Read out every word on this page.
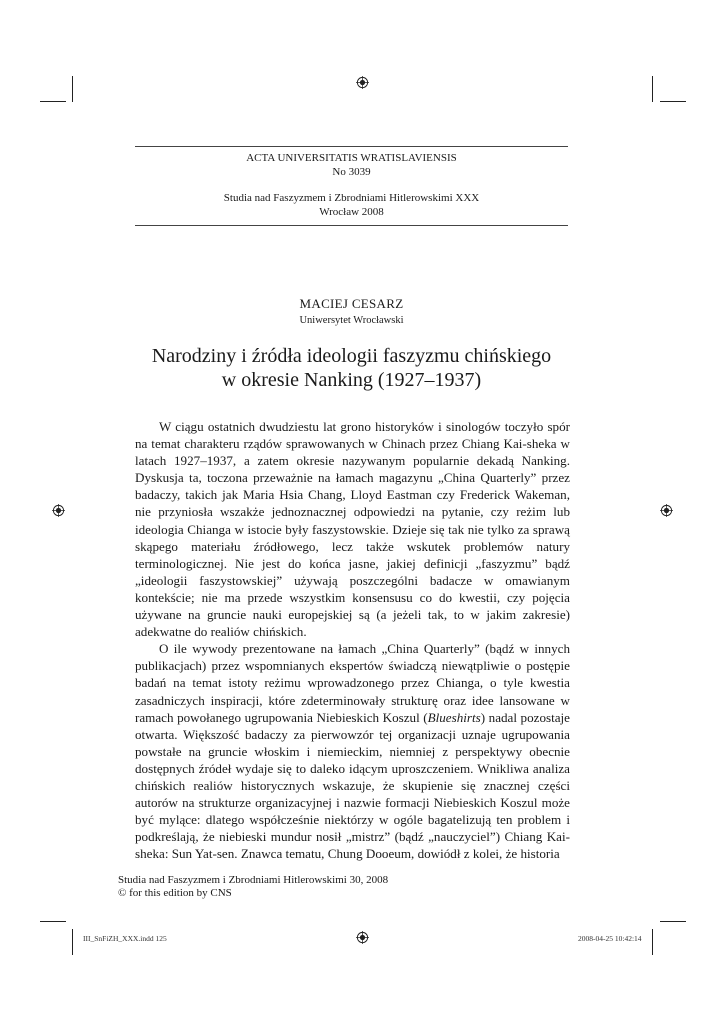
ACTA UNIVERSITATIS WRATISLAVIENSIS
No 3039
Studia nad Faszyzmem i Zbrodniami Hitlerowskimi XXX
Wrocław 2008
MACIEJ CESARZ
Uniwersytet Wrocławski
Narodziny i źródła ideologii faszyzmu chińskiego
w okresie Nanking (1927–1937)

W ciągu ostatnich dwudziestu lat grono historyków i sinologów toczyło spór na temat charakteru rządów sprawowanych w Chinach przez Chiang Kai-sheka w latach 1927–1937, a zatem okresie nazywanym popularnie dekadą Nanking. Dyskusja ta, toczona przeważnie na łamach magazynu „China Quarterly” przez badaczy, takich jak Maria Hsia Chang, Lloyd Eastman czy Frederick Wakeman, nie przyniosła wszakże jednoznacznej odpowiedzi na pytanie, czy reżim lub ideologia Chianga w istocie były faszystowskie. Dzieje się tak nie tylko za sprawą skąpego materiału źródłowego, lecz także wskutek problemów natury terminologicznej. Nie jest do końca jasne, jakiej definicji „faszyzmu” bądź „ideologii faszystowskiej” używają poszczególni badacze w omawianym kontekście; nie ma przede wszystkim konsensusu co do kwestii, czy pojęcia używane na gruncie nauki europejskiej są (a jeżeli tak, to w jakim zakresie) adekwatne do realiów chińskich.

O ile wywody prezentowane na łamach „China Quarterly” (bądź w innych publikacjach) przez wspomnianych ekspertów świadczą niewątpliwie o postępie badań na temat istoty reżimu wprowadzonego przez Chianga, o tyle kwestia zasadniczych inspiracji, które zdeterminowały strukturę oraz idee lansowane w ramach powołanego ugrupowania Niebieskich Koszul (Blueshirts) nadal pozostaje otwarta. Większość badaczy za pierwowzór tej organizacji uznaje ugrupowania powstałe na gruncie włoskim i niemieckim, niemniej z perspektywy obecnie dostępnych źródeł wydaje się to daleko idącym uproszczeniem. Wnikliwa analiza chińskich realiów historycznych wskazuje, że skupienie się znacznej części autorów na strukturze organizacyjnej i nazwie formacji Niebieskich Koszul może być mylące: dlatego współcześnie niektórzy w ogóle bagatelizują ten problem i podkreślają, że niebieski mundur nosił „mistrz” (bądź „nauczyciel”) Chiang Kai-sheka: Sun Yat-sen. Znawca tematu, Chung Dooeum, dowiódł z kolei, że historia

Studia nad Faszyzmem i Zbrodniami Hitlerowskimi 30, 2008
© for this edition by CNS
III_SnFiZH_XXX.indd 125	2008-04-25 10:42:14
